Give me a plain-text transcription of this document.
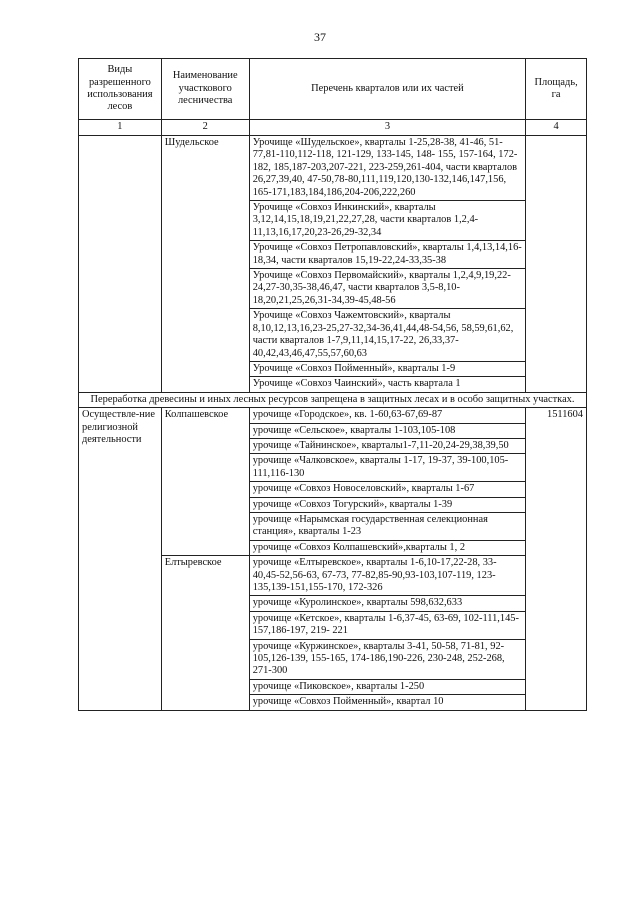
37
Виды разрешенного использования лесов	Наименование участкового лесничества	Перечень кварталов или их частей	Площадь, га
1	2	3	4
	Шудельское	Урочище «Шудельское», кварталы 1-25,28-38, 41-46, 51-77,81-110,112-118, 121-129, 133-145, 148- 155, 157-164, 172-182, 185,187-203,207-221, 223-259,261-404, части кварталов 26,27,39,40, 47-50,78-80,111,119,120,130-132,146,147,156, 165-171,183,184,186,204-206,222,260	
		Урочище «Совхоз Инкинский», кварталы 3,12,14,15,18,19,21,22,27,28, части кварталов 1,2,4-11,13,16,17,20,23-26,29-32,34	
		Урочище «Совхоз Петропавловский», кварталы 1,4,13,14,16-18,34, части кварталов 15,19-22,24-33,35-38	
		Урочище «Совхоз Первомайский», кварталы 1,2,4,9,19,22-24,27-30,35-38,46,47, части кварталов 3,5-8,10-18,20,21,25,26,31-34,39-45,48-56	
		Урочище «Совхоз Чажемтовский», кварталы 8,10,12,13,16,23-25,27-32,34-36,41,44,48-54,56, 58,59,61,62, части кварталов 1-7,9,11,14,15,17-22, 26,33,37-40,42,43,46,47,55,57,60,63	
		Урочище «Совхоз Пойменный», кварталы 1-9	
		Урочище «Совхоз Чаинский», часть квартала 1	
Переработка древесины и иных лесных ресурсов запрещена в защитных лесах и в особо защитных участках.			
Осуществле-ние религиозной деятельности	Колпашевское	урочище «Городское», кв. 1-60,63-67,69-87	1511604
		урочище «Сельское», кварталы 1-103,105-108	
		урочище «Тайнинское», кварталы1-7,11-20,24-29,38,39,50	
		урочище «Чалковское», кварталы 1-17, 19-37, 39-100,105-111,116-130	
		урочище «Совхоз Новоселовский», кварталы 1-67	
		урочище «Совхоз Тогурский», кварталы 1-39	
		урочище «Нарымская государственная селекционная станция», кварталы 1-23	
		урочище «Совхоз Колпашевский»,кварталы 1, 2	
	Елтыревское	урочище «Елтыревское», кварталы 1-6,10-17,22-28, 33-40,45-52,56-63, 67-73, 77-82,85-90,93-103,107-119, 123-135,139-151,155-170, 172-326	
		урочище «Куролинское», кварталы 598,632,633	
		урочище «Кетское», кварталы 1-6,37-45, 63-69, 102-111,145-157,186-197, 219- 221	
		урочище «Куржинское», кварталы 3-41, 50-58, 71-81, 92-105,126-139, 155-165, 174-186,190-226, 230-248, 252-268, 271-300	
		урочище «Пиковское», кварталы 1-250	
		урочище «Совхоз Пойменный», квартал 10	
